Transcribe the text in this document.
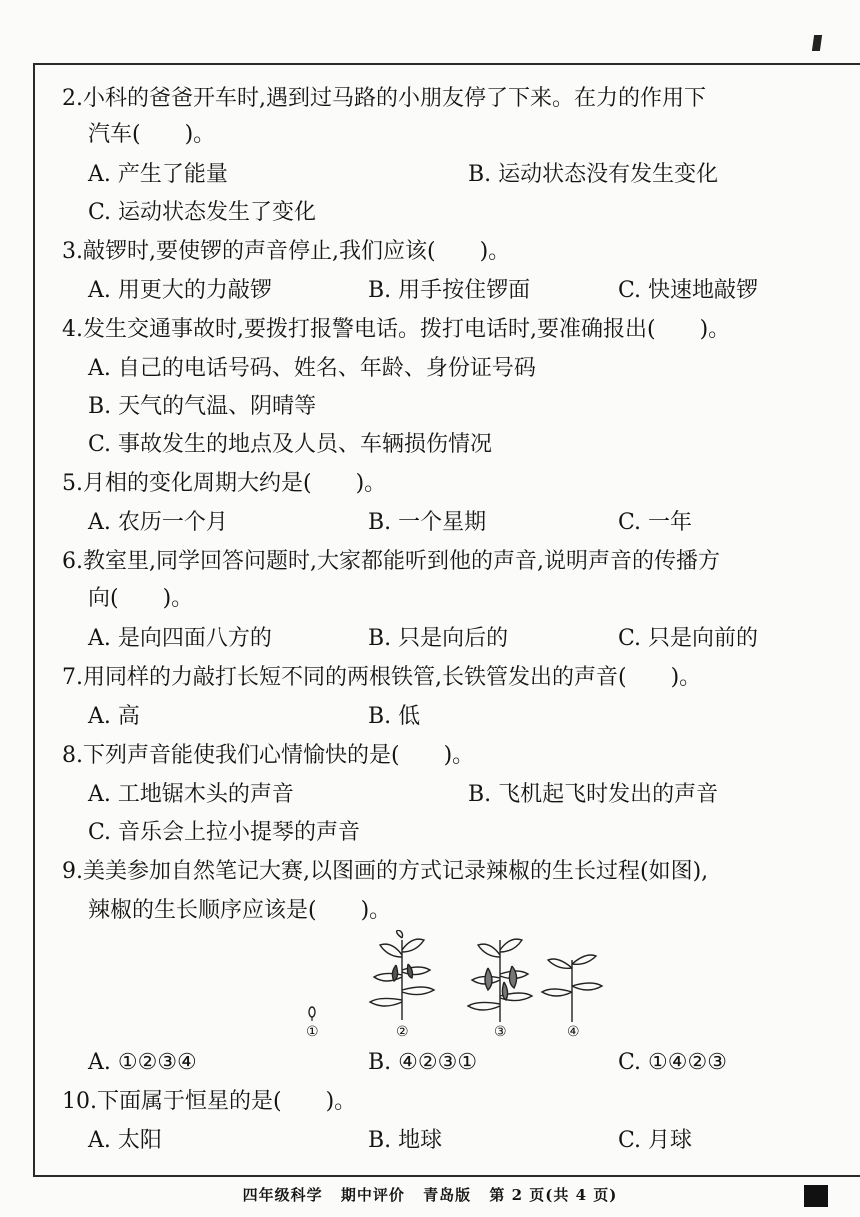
2.小科的爸爸开车时,遇到过马路的小朋友停了下来。在力的作用下
汽车(　　)。
A. 产生了能量	B. 运动状态没有发生变化
C. 运动状态发生了变化
3.敲锣时,要使锣的声音停止,我们应该(　　)。
A. 用更大的力敲锣	B. 用手按住锣面	C. 快速地敲锣
4.发生交通事故时,要拨打报警电话。拨打电话时,要准确报出(　　)。
A. 自己的电话号码、姓名、年龄、身份证号码
B. 天气的气温、阴晴等
C. 事故发生的地点及人员、车辆损伤情况
5.月相的变化周期大约是(　　)。
A. 农历一个月	B. 一个星期	C. 一年
6.教室里,同学回答问题时,大家都能听到他的声音,说明声音的传播方
向(　　)。
A. 是向四面八方的	B. 只是向后的	C. 只是向前的
7.用同样的力敲打长短不同的两根铁管,长铁管发出的声音(　　)。
A. 高	B. 低
8.下列声音能使我们心情愉快的是(　　)。
A. 工地锯木头的声音	B. 飞机起飞时发出的声音
C. 音乐会上拉小提琴的声音
9.美美参加自然笔记大赛,以图画的方式记录辣椒的生长过程(如图),
辣椒的生长顺序应该是(　　)。
①	②	③	④
A. ①②③④	B. ④②③①	C. ①④②③
10.下面属于恒星的是(　　)。
A. 太阳	B. 地球	C. 月球
四年级科学 期中评价 青岛版 第 2 页(共 4 页)
